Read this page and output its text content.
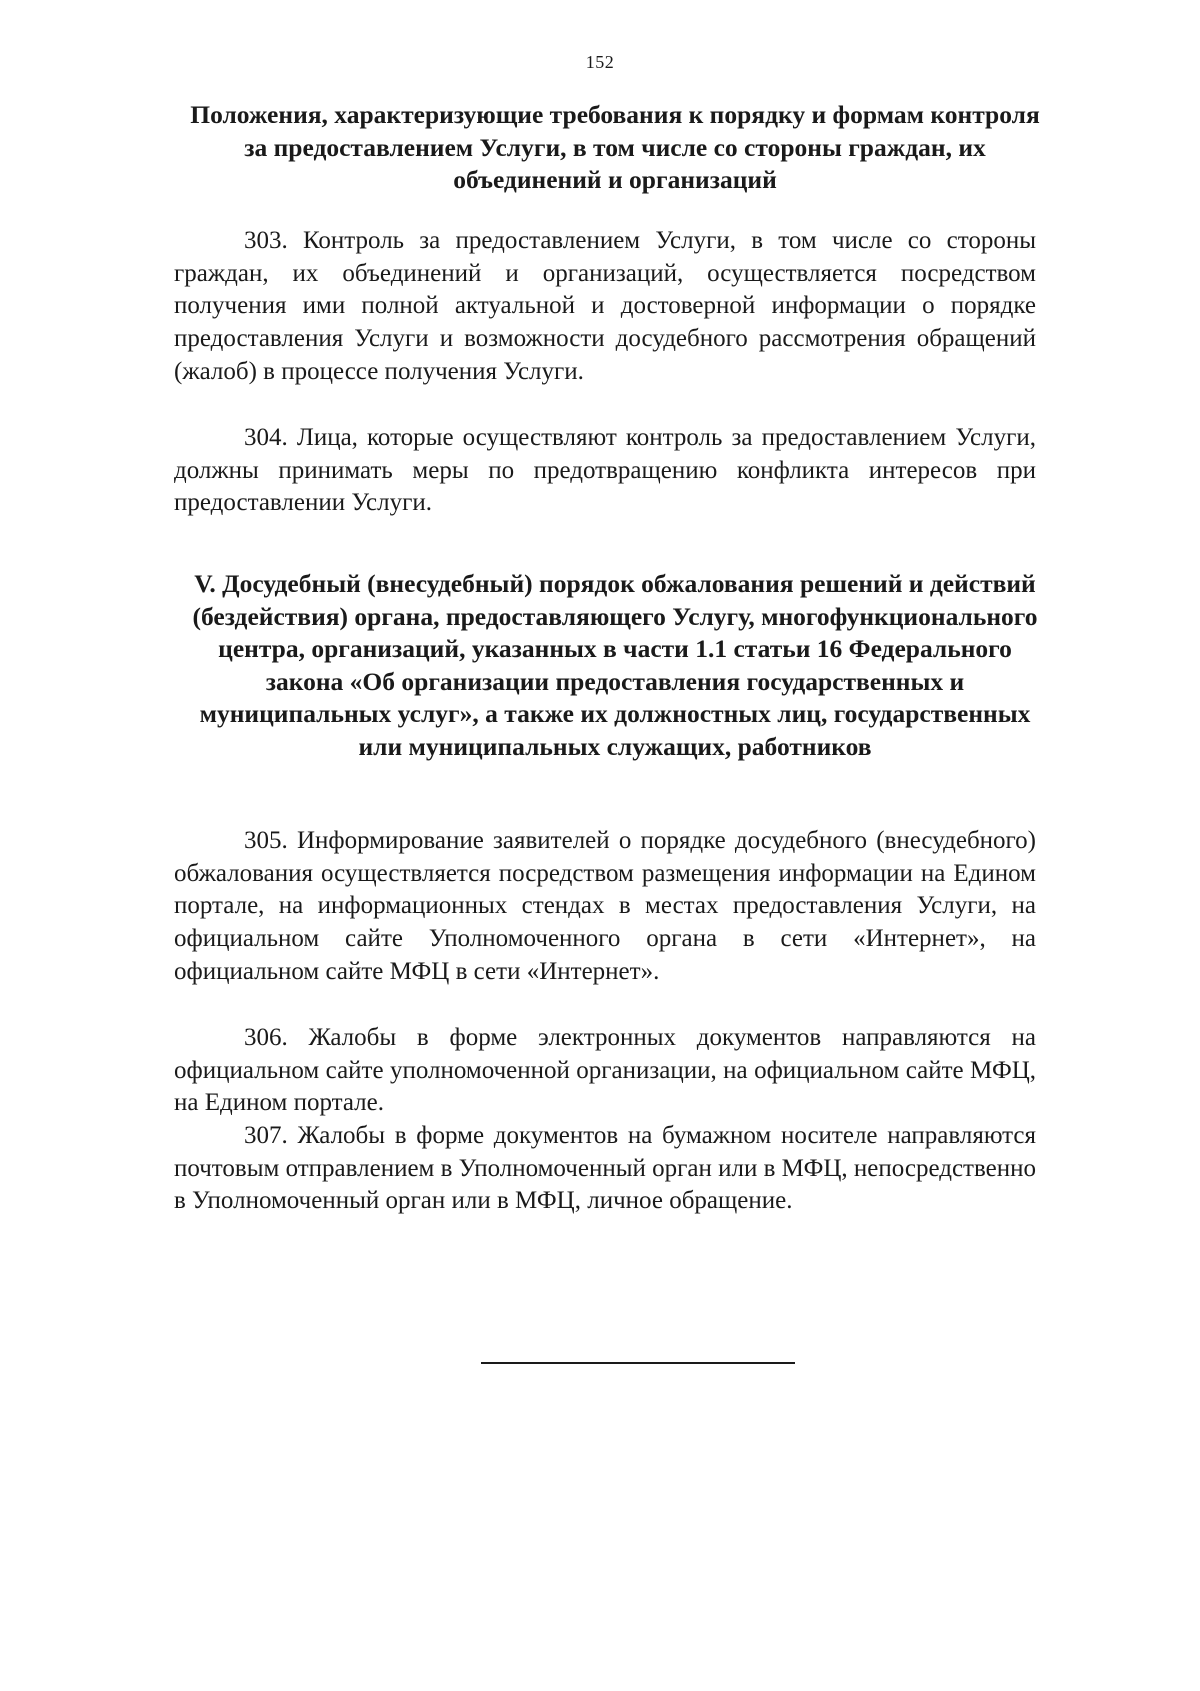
152
Положения, характеризующие требования к порядку и формам контроля за предоставлением Услуги, в том числе со стороны граждан, их объединений и организаций

303. Контроль за предоставлением Услуги, в том числе со стороны граждан, их объединений и организаций, осуществляется посредством получения ими полной актуальной и достоверной информации о порядке предоставления Услуги и возможности досудебного рассмотрения обращений (жалоб) в процессе получения Услуги.

304. Лица, которые осуществляют контроль за предоставлением Услуги, должны принимать меры по предотвращению конфликта интересов при предоставлении Услуги.

V. Досудебный (внесудебный) порядок обжалования решений и действий (бездействия) органа, предоставляющего Услугу, многофункционального центра, организаций, указанных в части 1.1 статьи 16 Федерального закона «Об организации предоставления государственных и муниципальных услуг», а также их должностных лиц, государственных или муниципальных служащих, работников

305. Информирование заявителей о порядке досудебного (внесудебного) обжалования осуществляется посредством размещения информации на Едином портале, на информационных стендах в местах предоставления Услуги, на официальном сайте Уполномоченного органа в сети «Интернет», на официальном сайте МФЦ в сети «Интернет».

306. Жалобы в форме электронных документов направляются на официальном сайте уполномоченной организации, на официальном сайте МФЦ, на Едином портале.

307. Жалобы в форме документов на бумажном носителе направляются почтовым отправлением в Уполномоченный орган или в МФЦ, непосредственно в Уполномоченный орган или в МФЦ, личное обращение.
